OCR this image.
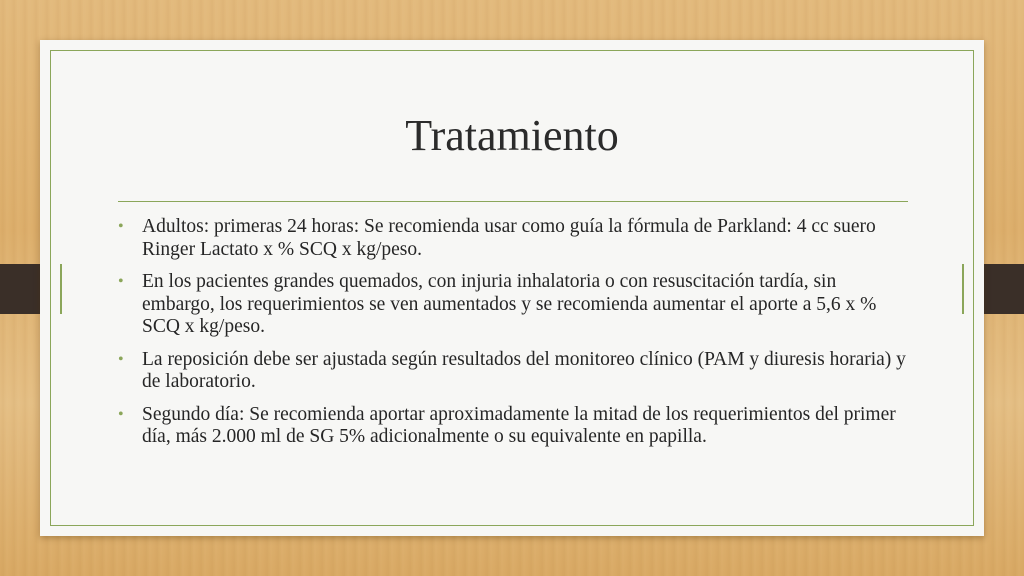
Tratamiento
• Adultos: primeras 24 horas: Se recomienda usar como guía la fórmula de Parkland: 4 cc suero Ringer Lactato x % SCQ x kg/peso.
• En los pacientes grandes quemados, con injuria inhalatoria o con resuscitación tardía, sin embargo, los requerimientos se ven aumentados y se recomienda aumentar el aporte a 5,6 x % SCQ x kg/peso.
• La reposición debe ser ajustada según resultados del monitoreo clínico (PAM y diuresis horaria) y de laboratorio.
• Segundo día: Se recomienda aportar aproximadamente la mitad de los requerimientos del primer día, más 2.000 ml de SG 5% adicionalmente o su equivalente en papilla.
